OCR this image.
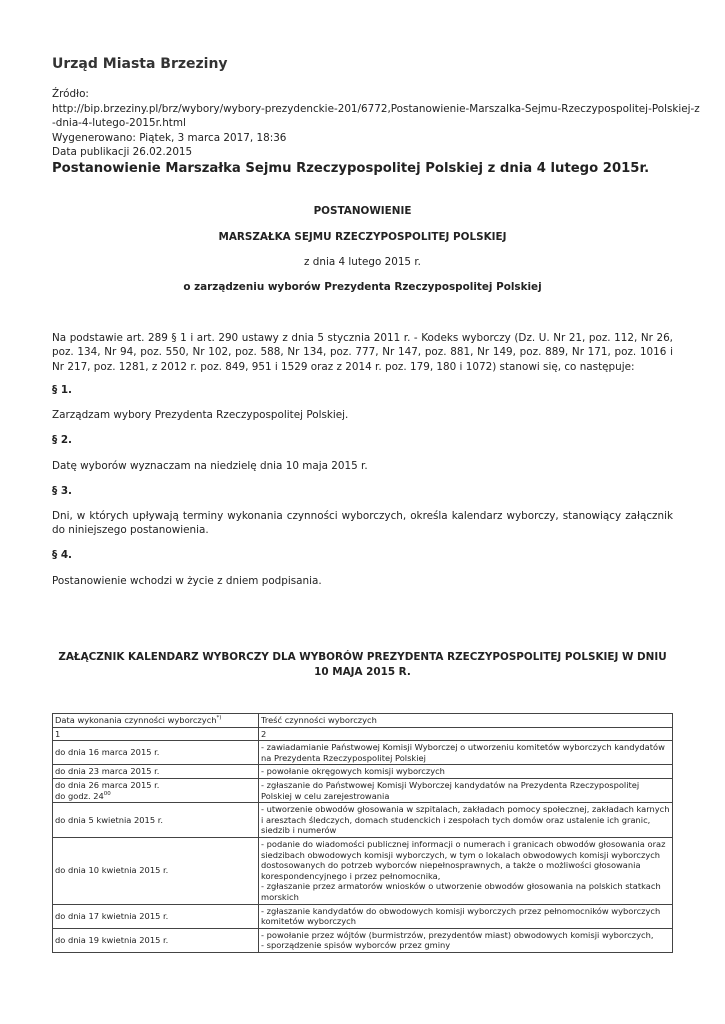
Urząd Miasta Brzeziny
Źródło:
http://bip.brzeziny.pl/brz/wybory/wybory-prezydenckie-201/6772,Postanowienie-Marszalka-Sejmu-Rzeczypospolitej-Polskiej-z
-dnia-4-lutego-2015r.html
Wygenerowano: Piątek, 3 marca 2017, 18:36
Data publikacji 26.02.2015
Postanowienie Marszałka Sejmu Rzeczypospolitej Polskiej z dnia 4 lutego 2015r.
POSTANOWIENIE
MARSZAŁKA SEJMU RZECZYPOSPOLITEJ POLSKIEJ
z dnia 4 lutego 2015 r.
o zarządzeniu wyborów Prezydenta Rzeczypospolitej Polskiej
Na podstawie art. 289 § 1 i art. 290 ustawy z dnia 5 stycznia 2011 r. - Kodeks wyborczy (Dz. U. Nr 21, poz. 112, Nr 26, poz. 134, Nr 94, poz. 550, Nr 102, poz. 588, Nr 134, poz. 777, Nr 147, poz. 881, Nr 149, poz. 889, Nr 171, poz. 1016 i Nr 217, poz. 1281, z 2012 r. poz. 849, 951 i 1529 oraz z 2014 r. poz. 179, 180 i 1072) stanowi się, co następuje:
§ 1.
Zarządzam wybory Prezydenta Rzeczypospolitej Polskiej.
§ 2.
Datę wyborów wyznaczam na niedzielę dnia 10 maja 2015 r.
§ 3.
Dni, w których upływają terminy wykonania czynności wyborczych, określa kalendarz wyborczy, stanowiący załącznik do niniejszego postanowienia.
§ 4.
Postanowienie wchodzi w życie z dniem podpisania.
ZAŁĄCZNIK KALENDARZ WYBORCZY DLA WYBORÓW PREZYDENTA RZECZYPOSPOLITEJ POLSKIEJ W DNIU 10 MAJA 2015 R.
Data wykonania czynności wyborczych*)	Treść czynności wyborczych
1	2

do dnia 16 marca 2015 r.	- zawiadamianie Państwowej Komisji Wyborczej o utworzeniu komitetów wyborczych kandydatów na Prezydenta Rzeczypospolitej Polskiej

do dnia 23 marca 2015 r.	- powołanie okręgowych komisji wyborczych

do dnia 26 marca 2015 r.
do godz. $24^{00}$	- zgłaszanie do Państwowej Komisji Wyborczej kandydatów na Prezydenta Rzeczypospolitej Polskiej w celu zarejestrowania

do dnia 5 kwietnia 2015 r.	- utworzenie obwodów głosowania w szpitalach, zakładach pomocy społecznej, zakładach karnych i aresztach śledczych, domach studenckich i zespołach tych domów oraz ustalenie ich granic, siedzib i numerów

do dnia 10 kwietnia 2015 r.	- podanie do wiadomości publicznej informacji o numerach i granicach obwodów głosowania oraz siedzibach obwodowych komisji wyborczych, w tym o lokalach obwodowych komisji wyborczych dostosowanych do potrzeb wyborców niepełnosprawnych, a także o możliwości głosowania korespondencyjnego i przez pełnomocnika,
- zgłaszanie przez armatorów wniosków o utworzenie obwodów głosowania na polskich statkach morskich

do dnia 17 kwietnia 2015 r.	- zgłaszanie kandydatów do obwodowych komisji wyborczych przez pełnomocników wyborczych komitetów wyborczych

do dnia 19 kwietnia 2015 r.	- powołanie przez wójtów (burmistrzów, prezydentów miast) obwodowych komisji wyborczych,
- sporządzenie spisów wyborców przez gminy
